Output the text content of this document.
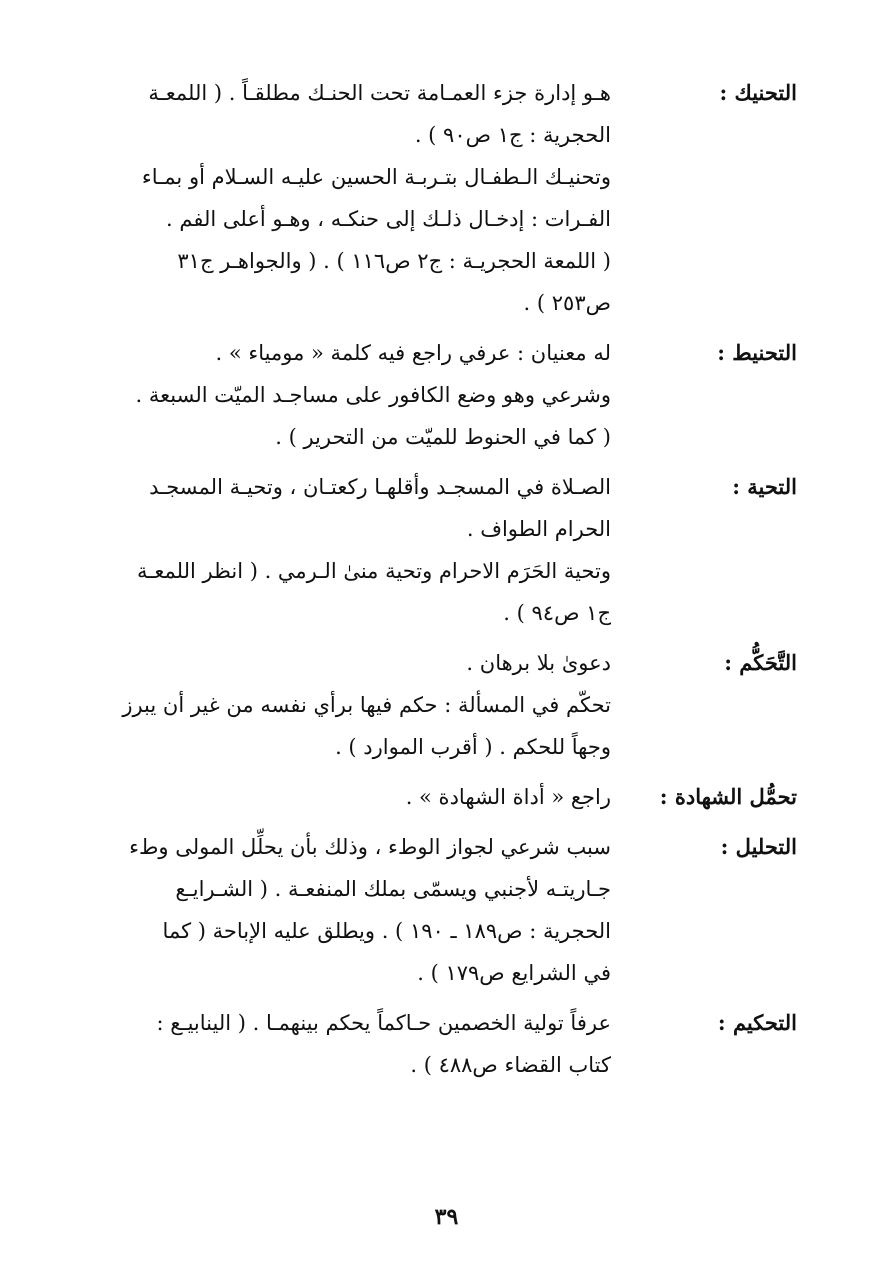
التحنيك :

هـو إدارة جزء العمـامة تحت الحنـك مطلقـاً . ( اللمعـة

الحجرية : ج١ ص٩٠ ) .

وتحنيـك الـطفـال بتـربـة الحسين عليـه السـلام أو بمـاء

الفـرات : إدخـال ذلـك إلى حنكـه ، وهـو أعلى الفم .

( اللمعة الحجريـة : ج٢ ص١١٦ ) . ( والجواهـر ج٣١

ص٢٥٣ ) .

التحنيط :

له معنيان : عرفي راجع فيه كلمة « مومياء » .

وشرعي وهو وضع الكافور على مساجـد الميّت السبعة .

( كما في الحنوط للميّت من التحرير ) .

التحية :

الصـلاة في المسجـد وأقلهـا ركعتـان ، وتحيـة المسجـد

الحرام الطواف .

وتحية الحَرَم الاحرام وتحية منىٰ الـرمي . ( انظر اللمعـة

ج١ ص٩٤ ) .

التَّحَكُّم :

دعوىٰ بلا برهان .

تحكّم في المسألة : حكم فيها برأي نفسه من غير أن يبرز

وجهاً للحكم . ( أقرب الموارد ) .

تحمُّل الشهادة :

راجع « أداة الشهادة » .

التحليل :

سبب شرعي لجواز الوطء ، وذلك بأن يحلِّل المولى وطء

جـاريتـه لأجنبي ويسمّى بملك المنفعـة . ( الشـرايـع

الحجرية : ص١٨٩ ـ ١٩٠ ) . ويطلق عليه الإباحة ( كما

في الشرايع ص١٧٩ ) .

التحكيم :

عرفاً تولية الخصمين حـاكماً يحكم بينهمـا . ( الينابيـع :

كتاب القضاء ص٤٨٨ ) .

٣٩
